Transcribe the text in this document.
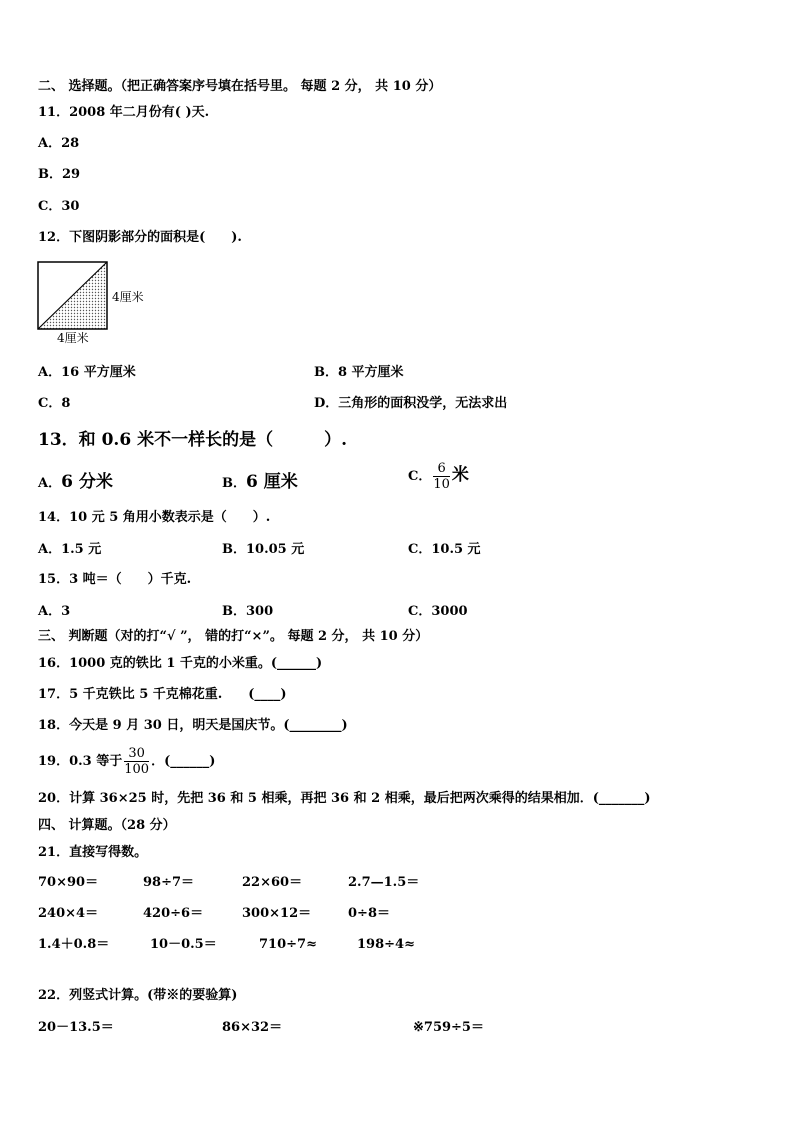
二、 选择题。（把正确答案序号填在括号里。 每题 2 分， 共 10 分）
11．2008 年二月份有( )天.
A．28
B．29
C．30
12．下图阴影部分的面积是(　　).
4厘米
4厘米
A．16 平方厘米	B．8 平方厘米
C．8	D．三角形的面积没学，无法求出
13．和 0.6 米不一样长的是（　　　）.
A．6 分米	B．6 厘米	C． $\frac{6}{10}$ 米
14．10 元 5 角用小数表示是（　　）.
A．1.5 元	B．10.05 元	C．10.5 元
15．3 吨＝（　　）千克.
A．3	B．300	C．3000
三、 判断题（对的打“√ ”， 错的打“×”。 每题 2 分， 共 10 分）
16．1000 克的铁比 1 千克的小米重。(______)
17．5 千克铁比 5 千克棉花重.　　(____)
18．今天是 9 月 30 日，明天是国庆节。(________)
19．0.3 等于 $\frac{30}{100}$ ．(______)
20．计算 36×25 时，先把 36 和 5 相乘，再把 36 和 2 相乘，最后把两次乘得的结果相加．(_______)
四、 计算题。（28 分）
21．直接写得数。
70×90＝	98÷7＝	22×60＝	2.7—1.5＝
240×4＝	420÷6＝	300×12＝	0÷8＝
1.4＋0.8＝	10－0.5＝	710÷7≈	198÷4≈
22．列竖式计算。(带※的要验算)
20－13.5＝	86×32＝	※759÷5＝
